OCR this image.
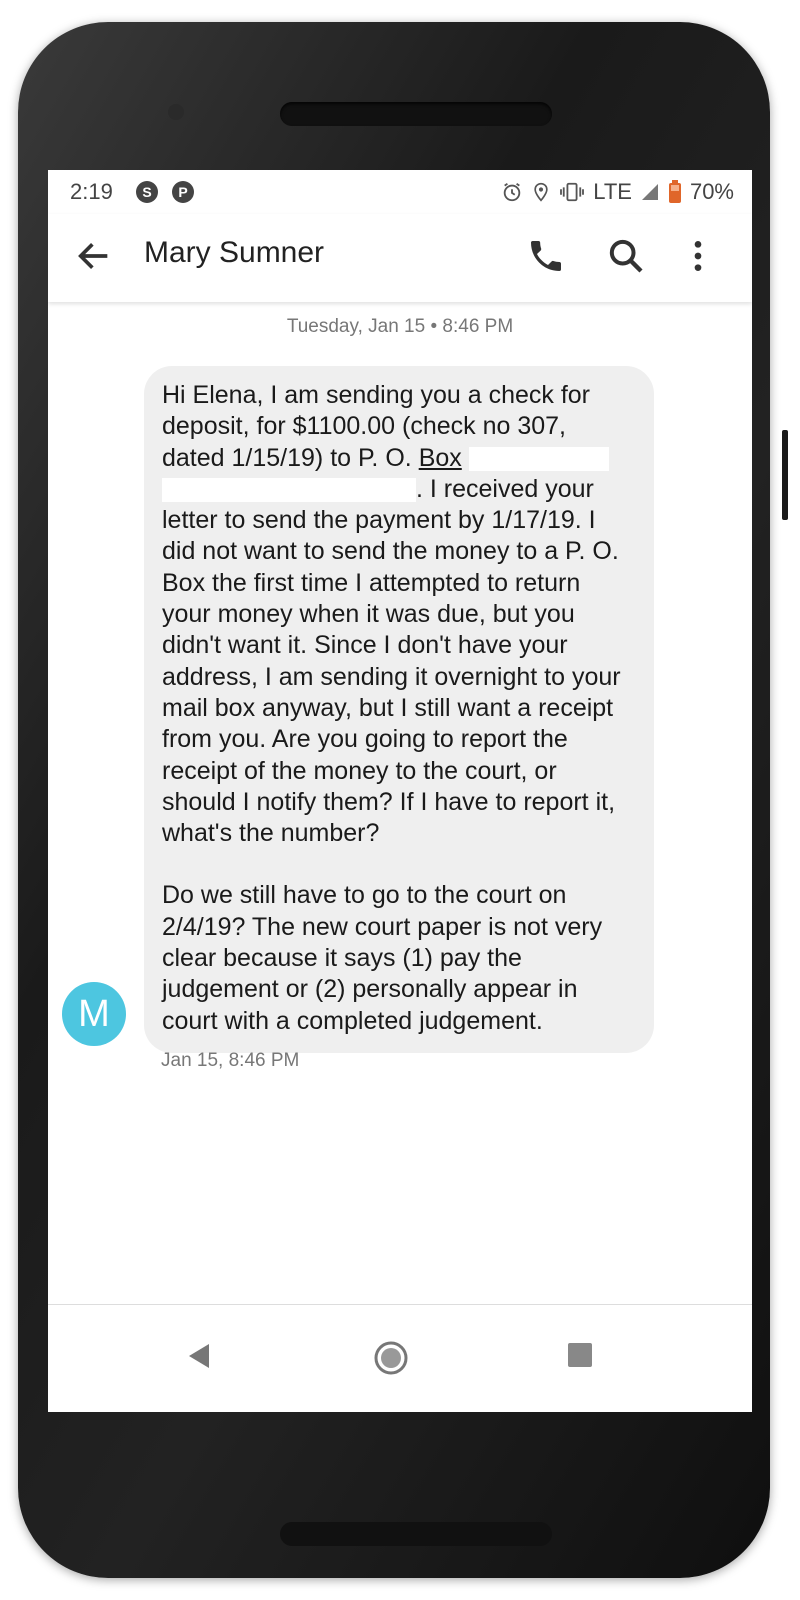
2:19	S	P	LTE	70%
Mary Sumner
Tuesday, Jan 15 • 8:46 PM

Hi Elena, I am sending you a check for deposit, for $1100.00 (check no 307, dated 1/15/19) to P. O. Box . I received your letter to send the payment by 1/17/19. I did not want to send the money to a P. O. Box the first time I attempted to return your money when it was due, but you didn't want it. Since I don't have your address, I am sending it overnight to your mail box anyway, but I still want a receipt from you. Are you going to report the receipt of the money to the court, or should I notify them? If I have to report it, what's the number?

Do we still have to go to the court on 2/4/19? The new court paper is not very clear because it says (1) pay the judgement or (2) personally appear in court with a completed judgement.

M
Jan 15, 8:46 PM
